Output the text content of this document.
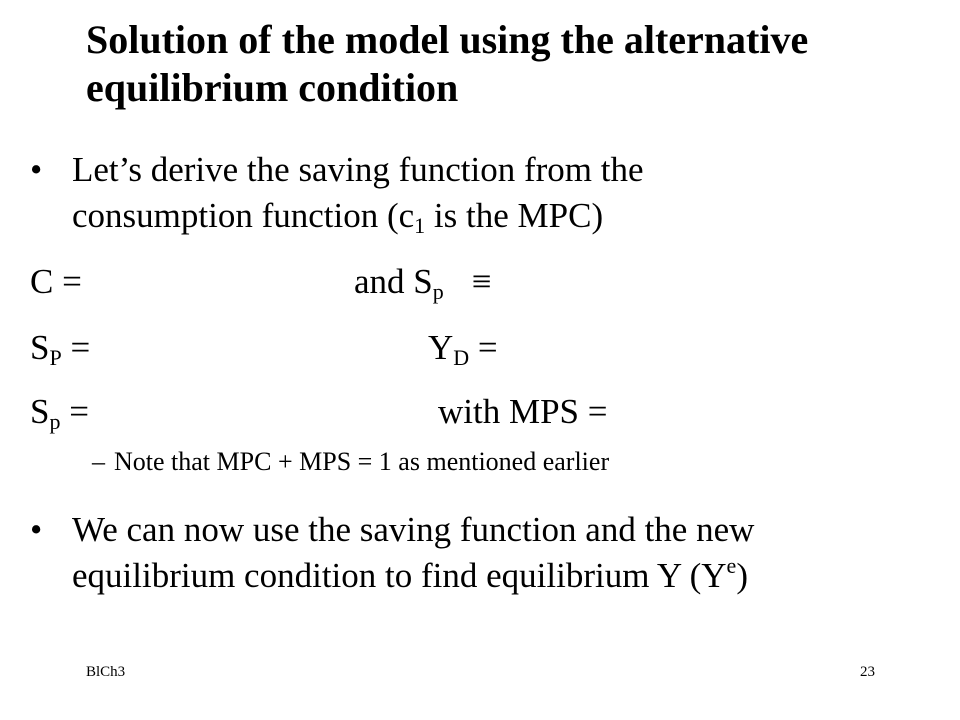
Solution of the model using the alternative equilibrium condition
• Let’s derive the saving function from the
consumption function ($c_1$ is the MPC)
C =	and $S_p$ ≡
$S_P$ =	$Y_D$ =
$S_p$ =	with MPS =
– Note that MPC + MPS = 1 as mentioned earlier
• We can now use the saving function and the new
equilibrium condition to find equilibrium Y $(Y^e)$
BlCh3	23
